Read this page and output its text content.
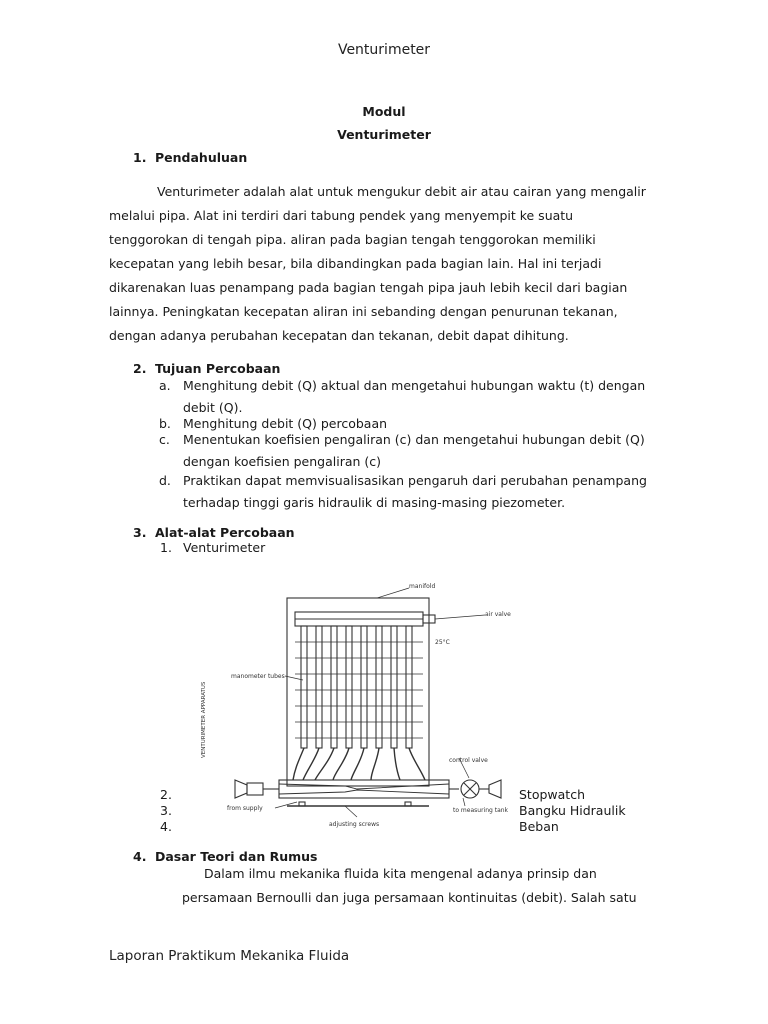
Venturimeter
Modul
Venturimeter
1. Pendahuluan
Venturimeter adalah alat untuk mengukur debit air atau cairan yang mengalir
melalui pipa. Alat ini terdiri dari tabung pendek yang menyempit ke suatu
tenggorokan di tengah pipa. aliran pada bagian tengah tenggorokan memiliki
kecepatan yang lebih besar, bila dibandingkan pada bagian lain. Hal ini terjadi
dikarenakan luas penampang pada bagian tengah pipa jauh lebih kecil dari bagian
lainnya. Peningkatan kecepatan aliran ini sebanding dengan penurunan tekanan,
dengan adanya perubahan kecepatan dan tekanan, debit dapat dihitung.
2. Tujuan Percobaan
a. Menghitung debit (Q) aktual dan mengetahui hubungan waktu (t) dengan
debit (Q).
b. Menghitung debit (Q) percobaan
c.	Menentukan koefisien pengaliran (c) dan mengetahui hubungan debit (Q)
dengan koefisien pengaliran (c)
d. Praktikan dapat memvisualisasikan pengaruh dari perubahan penampang
terhadap tinggi garis hidraulik di masing-masing piezometer.
3. Alat-alat Percobaan
1. Venturimeter
manifold
air valve
25°C
manometer tubes
control valve
from supply	to measuring tank
adjusting screws
VENTURIMETER APPARATUS
2.
3.
4.
Stopwatch
Bangku Hidraulik
Beban
4. Dasar Teori dan Rumus
Dalam ilmu mekanika fluida kita mengenal adanya prinsip dan
persamaan Bernoulli dan juga persamaan kontinuitas (debit). Salah satu
Laporan Praktikum Mekanika Fluida
